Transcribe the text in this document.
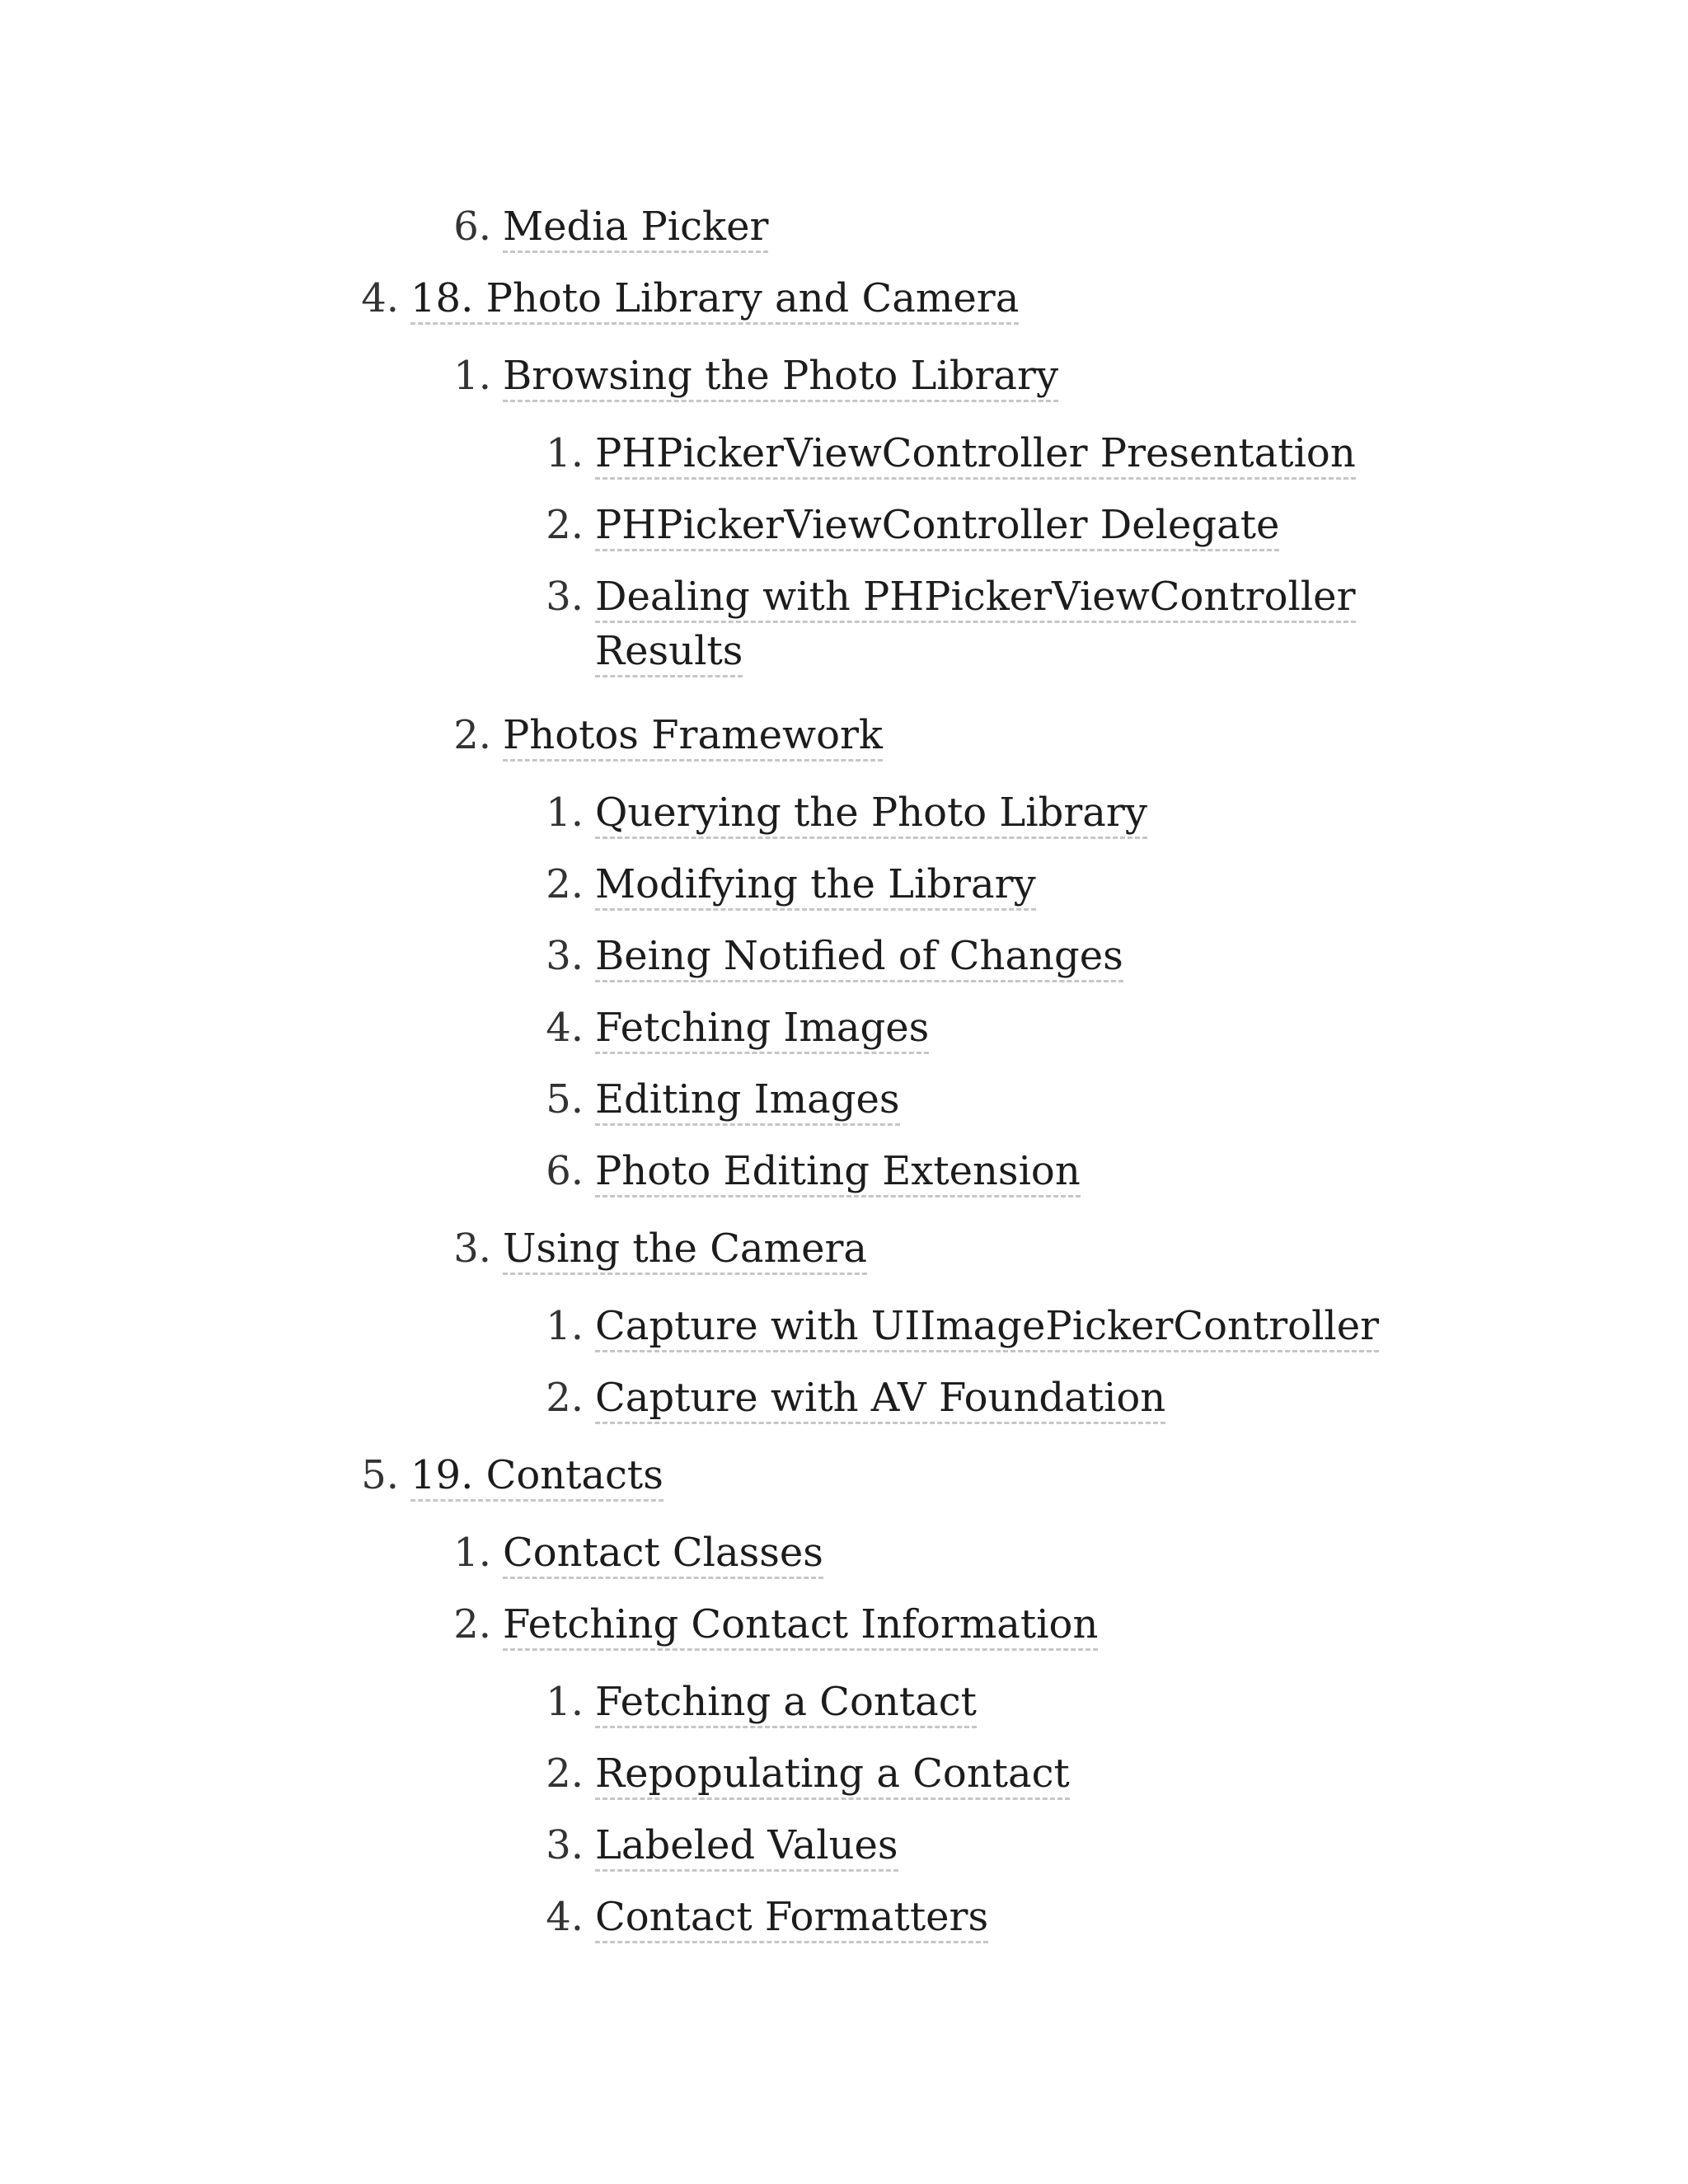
6. Media Picker
4. 18. Photo Library and Camera
1. Browsing the Photo Library
1. PHPickerViewController Presentation
2. PHPickerViewController Delegate
3. Dealing with PHPickerViewController
Results
2. Photos Framework
1. Querying the Photo Library
2. Modifying the Library
3. Being Notified of Changes
4. Fetching Images
5. Editing Images
6. Photo Editing Extension
3. Using the Camera
1. Capture with UIImagePickerController
2. Capture with AV Foundation
5. 19. Contacts
1. Contact Classes
2. Fetching Contact Information
1. Fetching a Contact
2. Repopulating a Contact
3. Labeled Values
4. Contact Formatters
